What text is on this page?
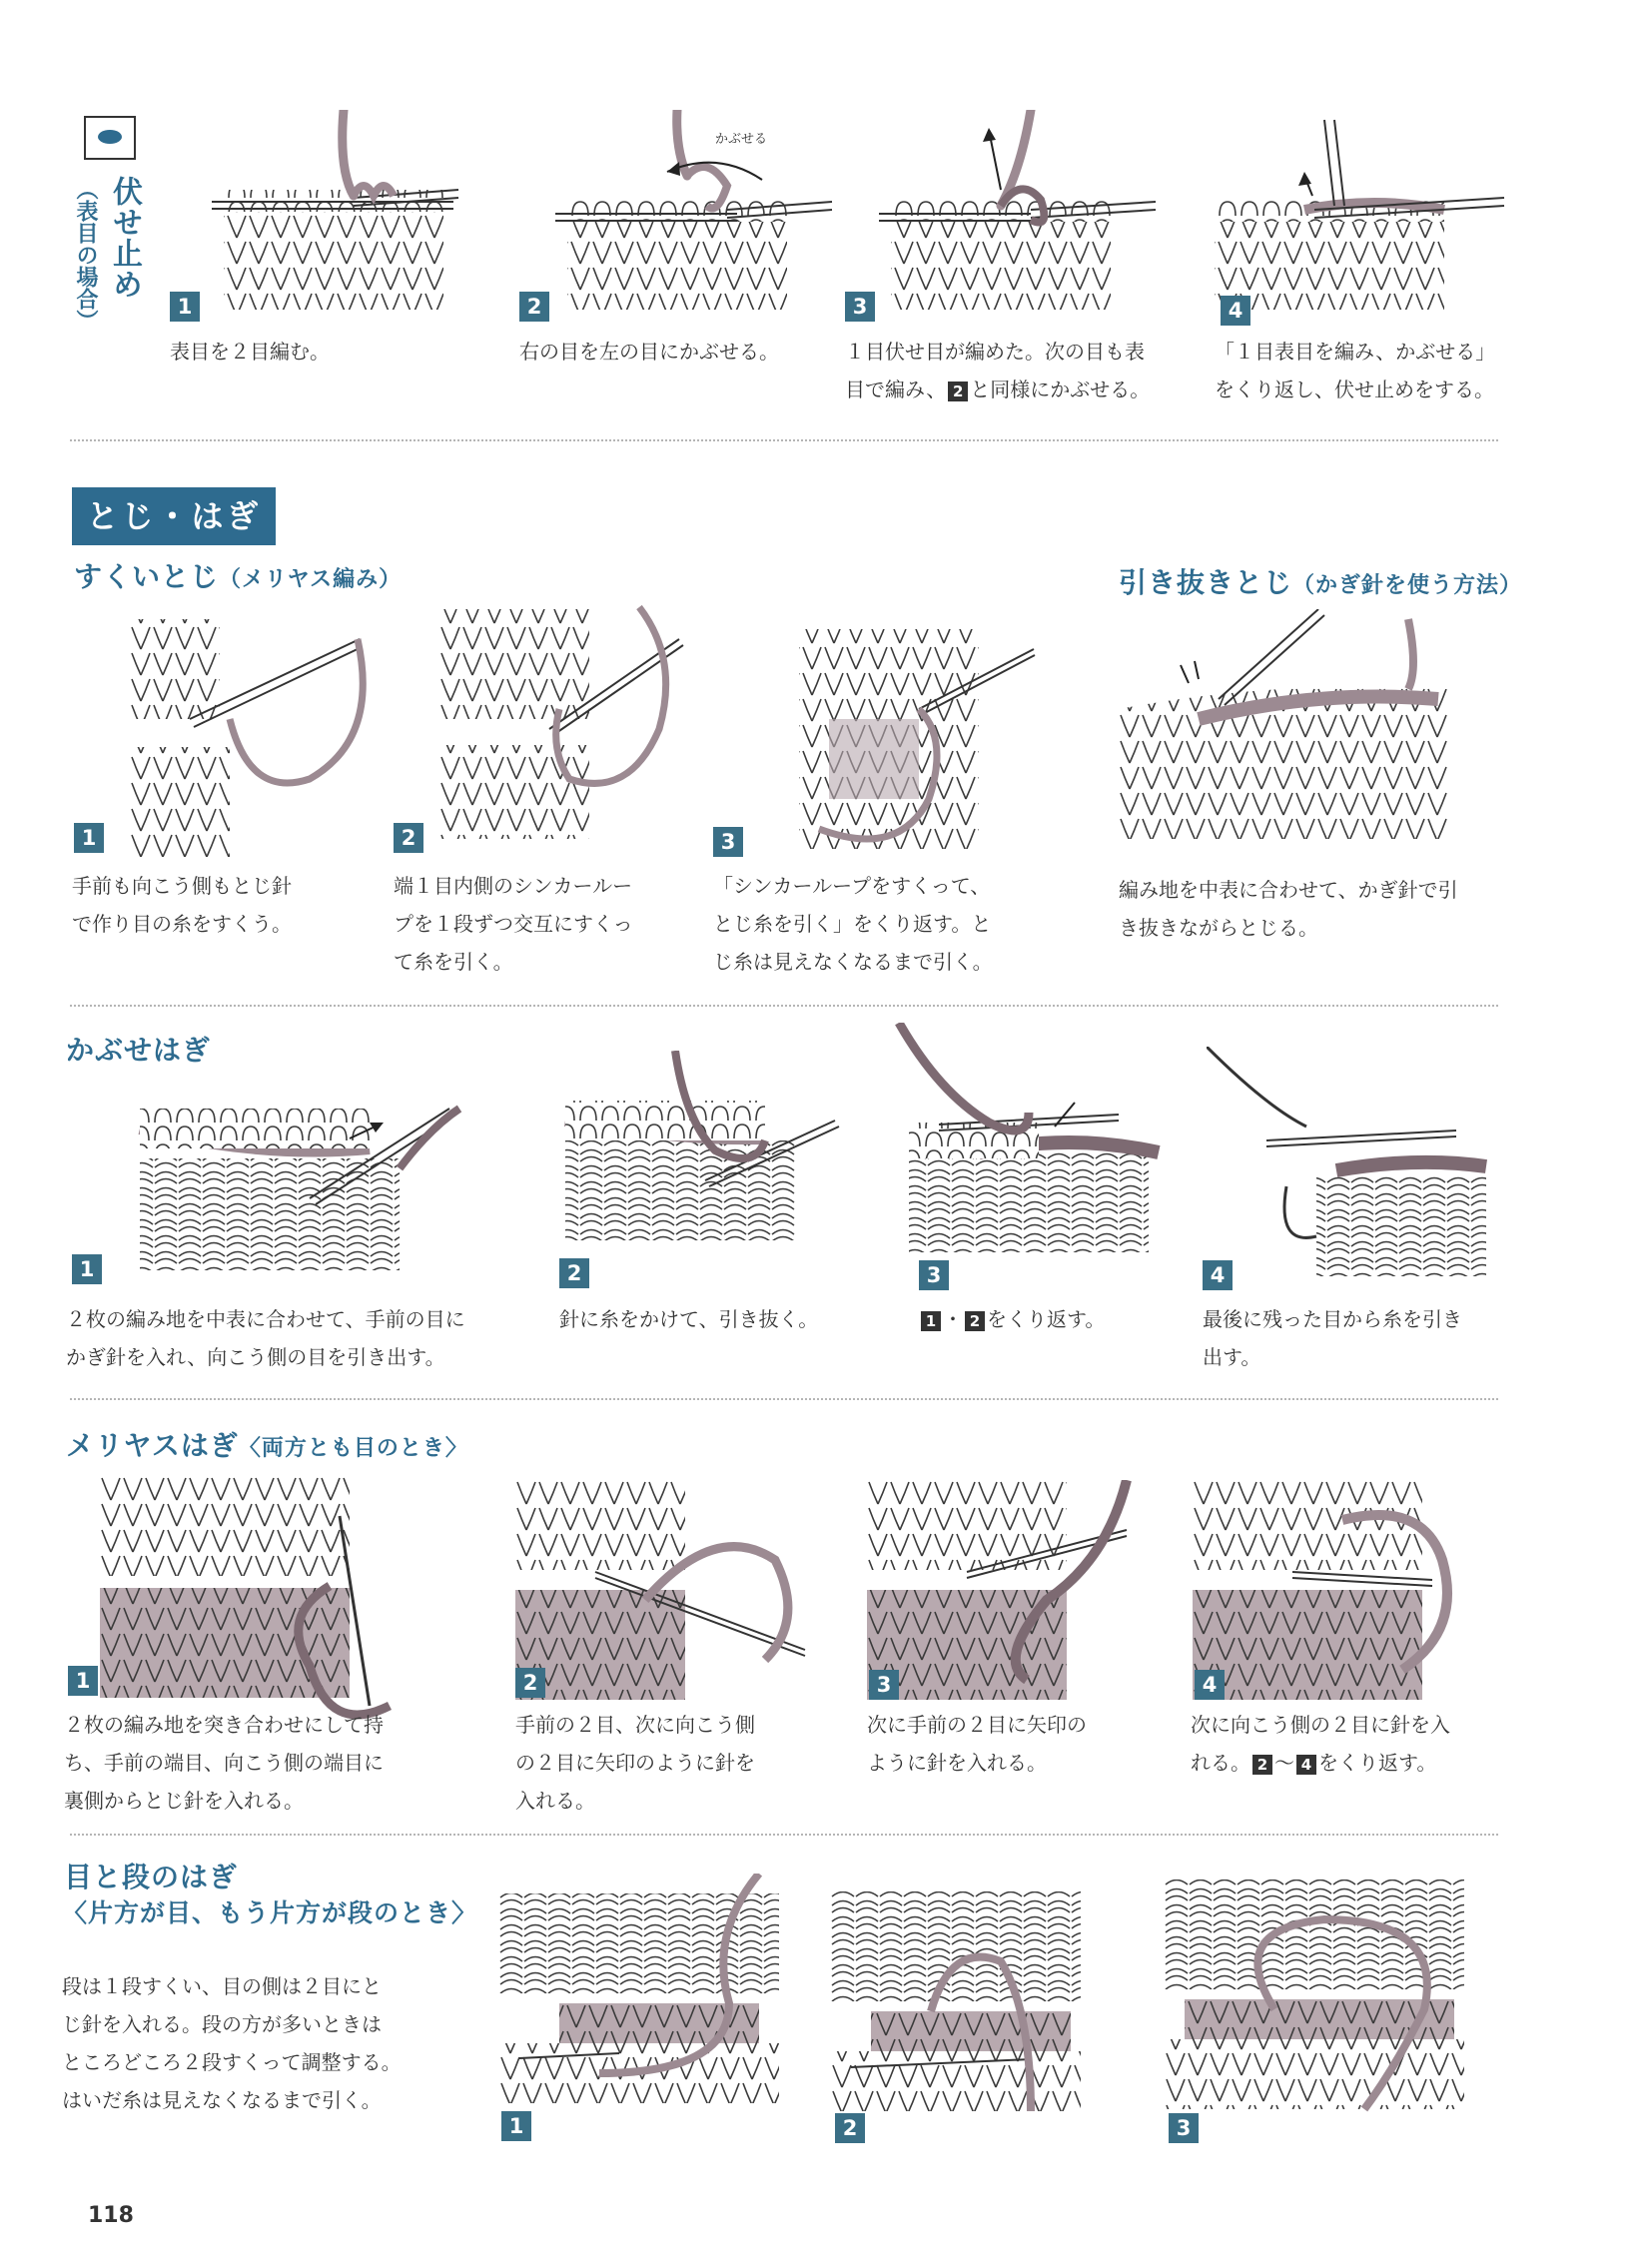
伏せ止め
（表目の場合）
かぶせる
1	2	3	4
表目を２目編む。	右の目を左の目にかぶせる。	１目伏せ目が編めた。次の目も表
目で編み、 2 と同様にかぶせる。
「１目表目を編み、かぶせる」
をくり返し、伏せ止めをする。
とじ・はぎ
すくいとじ（メリヤス編み）	引き抜きとじ（かぎ針を使う方法）
1	2	3
手前も向こう側もとじ針
で作り目の糸をすくう。
端１目内側のシンカールー
プを１段ずつ交互にすくっ
て糸を引く。
「シンカーループをすくって、
とじ糸を引く」をくり返す。と
じ糸は見えなくなるまで引く。
編み地を中表に合わせて、かぎ針で引
き抜きながらとじる。
かぶせはぎ
1	2	3	4
２枚の編み地を中表に合わせて、手前の目に
かぎ針を入れ、向こう側の目を引き出す。
針に糸をかけて、引き抜く。	1 ・ 2 をくり返す。	最後に残った目から糸を引き
出す。
メリヤスはぎ〈両方とも目のとき〉
1	2	3	4
２枚の編み地を突き合わせにして持
ち、手前の端目、向こう側の端目に
裏側からとじ針を入れる。
手前の２目、次に向こう側
の２目に矢印のように針を
入れる。
次に手前の２目に矢印の
ように針を入れる。
次に向こう側の２目に針を入
れる。 2 〜 4 をくり返す。
目と段のはぎ
〈片方が目、もう片方が段のとき〉
段は１段すくい、目の側は２目にと
じ針を入れる。段の方が多いときは
ところどころ２段すくって調整する。
はいだ糸は見えなくなるまで引く。
1	2	3
118
